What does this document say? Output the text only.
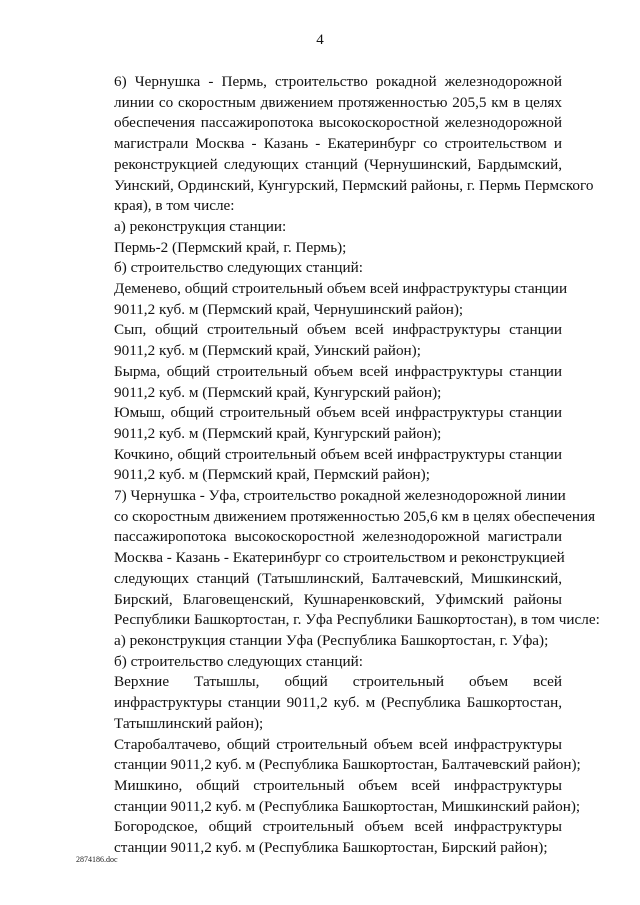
4
6) Чернушка - Пермь, строительство рокадной железнодорожной
линии со скоростным движением протяженностью 205,5 км в целях
обеспечения пассажиропотока высокоскоростной железнодорожной
магистрали Москва - Казань - Екатеринбург со строительством и
реконструкцией следующих станций (Чернушинский, Бардымский,
Уинский, Ординский, Кунгурский, Пермский районы, г. Пермь Пермского
края), в том числе:
а) реконструкция станции:
Пермь-2 (Пермский край, г. Пермь);
б) строительство следующих станций:
Деменево, общий строительный объем всей инфраструктуры станции
9011,2 куб. м (Пермский край, Чернушинский район);
Сып, общий строительный объем всей инфраструктуры станции
9011,2 куб. м (Пермский край, Уинский район);
Бырма, общий строительный объем всей инфраструктуры станции
9011,2 куб. м (Пермский край, Кунгурский район);
Юмыш, общий строительный объем всей инфраструктуры станции
9011,2 куб. м (Пермский край, Кунгурский район);
Кочкино, общий строительный объем всей инфраструктуры станции
9011,2 куб. м (Пермский край, Пермский район);
7) Чернушка - Уфа, строительство рокадной железнодорожной линии
со скоростным движением протяженностью 205,6 км в целях обеспечения
пассажиропотока высокоскоростной железнодорожной магистрали
Москва - Казань - Екатеринбург со строительством и реконструкцией
следующих станций (Татышлинский, Балтачевский, Мишкинский,
Бирский, Благовещенский, Кушнаренковский, Уфимский районы
Республики Башкортостан, г. Уфа Республики Башкортостан), в том числе:
а) реконструкция станции Уфа (Республика Башкортостан, г. Уфа);
б) строительство следующих станций:
Верхние Татышлы, общий строительный объем всей
инфраструктуры станции 9011,2 куб. м (Республика Башкортостан,
Татышлинский район);
Старобалтачево, общий строительный объем всей инфраструктуры
станции 9011,2 куб. м (Республика Башкортостан, Балтачевский район);
Мишкино, общий строительный объем всей инфраструктуры
станции 9011,2 куб. м (Республика Башкортостан, Мишкинский район);
Богородское, общий строительный объем всей инфраструктуры
станции 9011,2 куб. м (Республика Башкортостан, Бирский район);
2874186.doc
